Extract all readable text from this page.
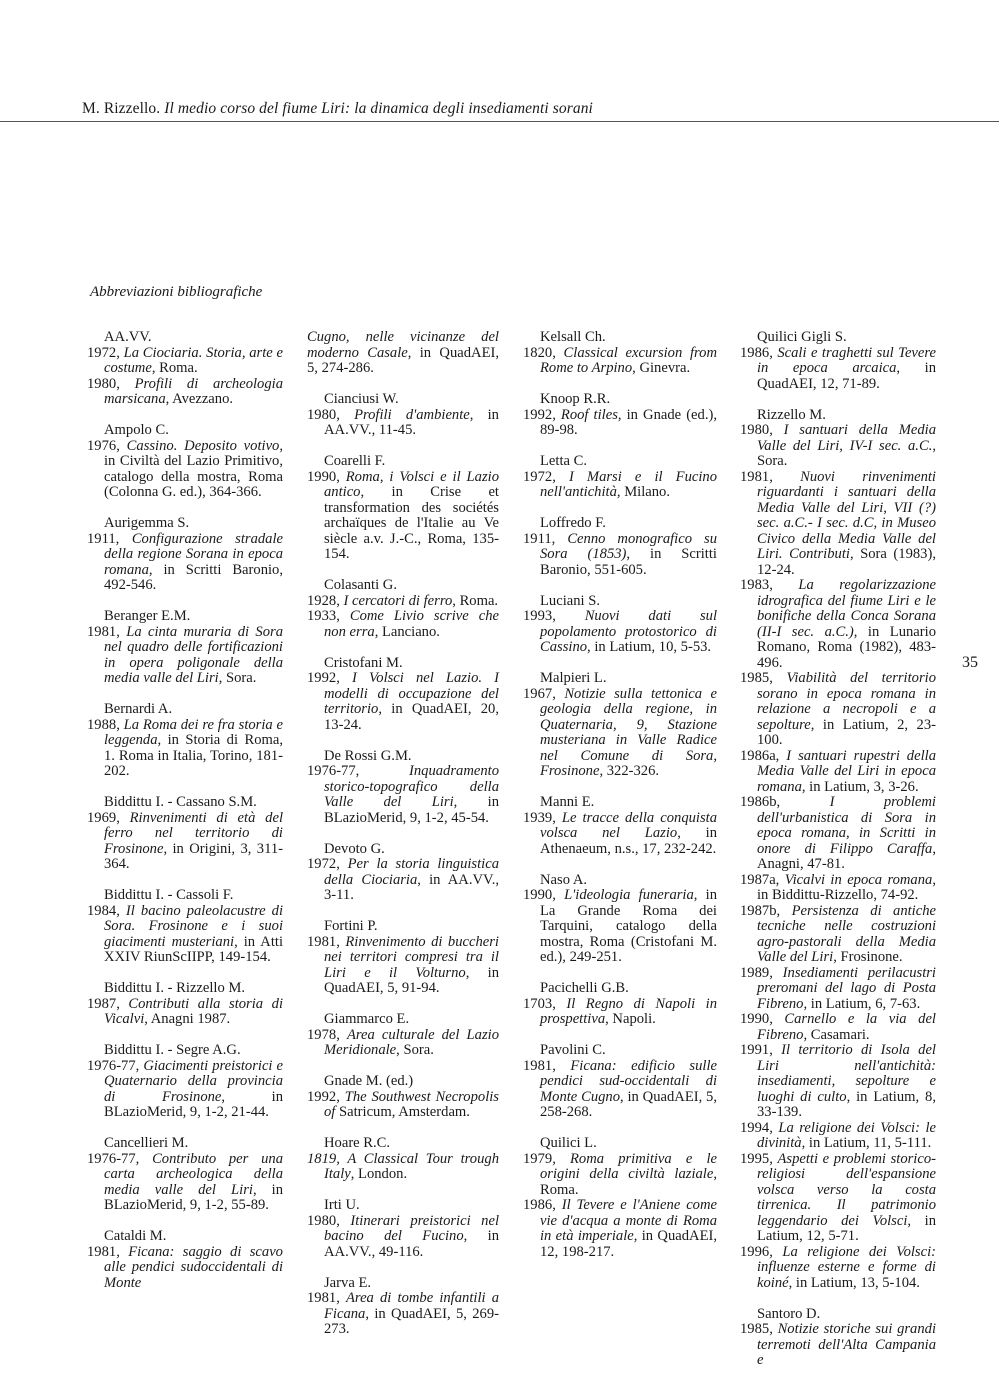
M. Rizzello. Il medio corso del fiume Liri: la dinamica degli insediamenti sorani
Abbreviazioni bibliografiche
AA.VV.
1972, La Ciociaria. Storia, arte e costume, Roma.
1980, Profili di archeologia marsicana, Avezzano.
Ampolo C.
1976, Cassino. Deposito votivo, in Civiltà del Lazio Primitivo, catalogo della mostra, Roma (Colonna G. ed.), 364-366.
Aurigemma S.
1911, Configurazione stradale della regione Sorana in epoca romana, in Scritti Baronio, 492-546.
Beranger E.M.
1981, La cinta muraria di Sora nel quadro delle fortificazioni in opera poligonale della media valle del Liri, Sora.
Bernardi A.
1988, La Roma dei re fra storia e leggenda, in Storia di Roma, 1. Roma in Italia, Torino, 181-202.
Biddittu I. - Cassano S.M.
1969, Rinvenimenti di età del ferro nel territorio di Frosinone, in Origini, 3, 311-364.
Biddittu I. - Cassoli F.
1984, Il bacino paleolacustre di Sora. Frosinone e i suoi giacimenti musteriani, in Atti XXIV RiunScIIPP, 149-154.
Biddittu I. - Rizzello M.
1987, Contributi alla storia di Vicalvi, Anagni 1987.
Biddittu I. - Segre A.G.
1976-77, Giacimenti preistorici e Quaternario della provincia di Frosinone, in BLazioMerid, 9, 1-2, 21-44.
Cancellieri M.
1976-77, Contributo per una carta archeologica della media valle del Liri, in BLazioMerid, 9, 1-2, 55-89.
Cataldi M.
1981, Ficana: saggio di scavo alle pendici sudoccidentali di Monte
Cugno, nelle vicinanze del moderno Casale, in QuadAEI, 5, 274-286.
Cianciusi W.
1980, Profili d'ambiente, in AA.VV., 11-45.
Coarelli F.
1990, Roma, i Volsci e il Lazio antico, in Crise et transformation des sociétés archaïques de l'Italie au Ve siècle a.v. J.-C., Roma, 135-154.
Colasanti G.
1928, I cercatori di ferro, Roma.
1933, Come Livio scrive che non erra, Lanciano.
Cristofani M.
1992, I Volsci nel Lazio. I modelli di occupazione del territorio, in QuadAEI, 20, 13-24.
De Rossi G.M.
1976-77,	Inquadramento storico-topografico della Valle del Liri, in BLazioMerid, 9, 1-2, 45-54.
Devoto G.
1972, Per la storia linguistica della Ciociaria, in AA.VV., 3-11.
Fortini P.
1981, Rinvenimento di buccheri nei territori compresi tra il Liri e il Volturno, in QuadAEI, 5, 91-94.
Giammarco E.
1978, Area culturale del Lazio Meridionale, Sora.
Gnade M. (ed.)
1992, The Southwest Necropolis of Satricum, Amsterdam.
Hoare R.C.
1819, A Classical Tour trough Italy, London.
Irti U.
1980, Itinerari preistorici nel bacino del Fucino, in AA.VV., 49-116.
Jarva E.
1981, Area di tombe infantili a Ficana, in QuadAEI, 5, 269-273.
Kelsall Ch.
1820, Classical excursion from Rome to Arpino, Ginevra.
Knoop R.R.
1992, Roof tiles, in Gnade (ed.), 89-98.
Letta C.
1972, I Marsi e il Fucino nell'antichità, Milano.
Loffredo F.
1911, Cenno monografico su Sora (1853), in Scritti Baronio, 551-605.
Luciani S.
1993, Nuovi dati sul popolamento protostorico di Cassino, in Latium, 10, 5-53.
Malpieri L.
1967, Notizie sulla tettonica e geologia della regione, in Quaternaria, 9, Stazione musteriana in Valle Radice nel Comune di Sora, Frosinone, 322-326.
Manni E.
1939, Le tracce della conquista volsca nel Lazio, in Athenaeum, n.s., 17, 232-242.
Naso A.
1990, L'ideologia funeraria, in La Grande Roma dei Tarquini, catalogo della mostra, Roma (Cristofani M. ed.), 249-251.
Pacichelli G.B.
1703, Il Regno di Napoli in prospettiva, Napoli.
Pavolini C.
1981, Ficana: edificio sulle pendici sud-occidentali di Monte Cugno, in QuadAEI, 5, 258-268.
Quilici L.
1979, Roma primitiva e le origini della civiltà laziale, Roma.
1986, Il Tevere e l'Aniene come vie d'acqua a monte di Roma in età imperiale, in QuadAEI, 12, 198-217.
Quilici Gigli S.
1986, Scali e traghetti sul Tevere in epoca arcaica, in QuadAEI, 12, 71-89.
Rizzello M.
1980, I santuari della Media Valle del Liri, IV-I sec. a.C., Sora.
1981, Nuovi rinvenimenti riguardanti i santuari della Media Valle del Liri, VII (?) sec. a.C.- I sec. d.C, in Museo Civico della Media Valle del Liri. Contributi, Sora (1983), 12-24.
1983, La regolarizzazione idrografica del fiume Liri e le bonifiche della Conca Sorana (II-I sec. a.C.), in Lunario Romano, Roma (1982), 483-496.
1985, Viabilità del territorio sorano in epoca romana in relazione a necropoli e a sepolture, in Latium, 2, 23-100.
1986a, I santuari rupestri della Media Valle del Liri in epoca romana, in Latium, 3, 3-26.
1986b,	I problemi dell'urbanistica di Sora in epoca romana, in Scritti in onore di Filippo Caraffa, Anagni, 47-81.
1987a, Vicalvi in epoca romana, in Biddittu-Rizzello, 74-92.
1987b, Persistenza di antiche tecniche nelle costruzioni agro-pastorali della Media Valle del Liri, Frosinone.
1989, Insediamenti perilacustri preromani del lago di Posta Fibreno, in Latium, 6, 7-63.
1990, Carnello e la via del Fibreno, Casamari.
1991, Il territorio di Isola del Liri nell'antichità: insediamenti, sepolture e luoghi di culto, in Latium, 8, 33-139.
1994, La religione dei Volsci: le divinità, in Latium, 11, 5-111.
1995, Aspetti e problemi storico-religiosi dell'espansione volsca verso la costa tirrenica. Il patrimonio leggendario dei Volsci, in Latium, 12, 5-71.
1996, La religione dei Volsci: influenze esterne e forme di koiné, in Latium, 13, 5-104.
Santoro D.
1985, Notizie storiche sui grandi terremoti dell'Alta Campania e
35
